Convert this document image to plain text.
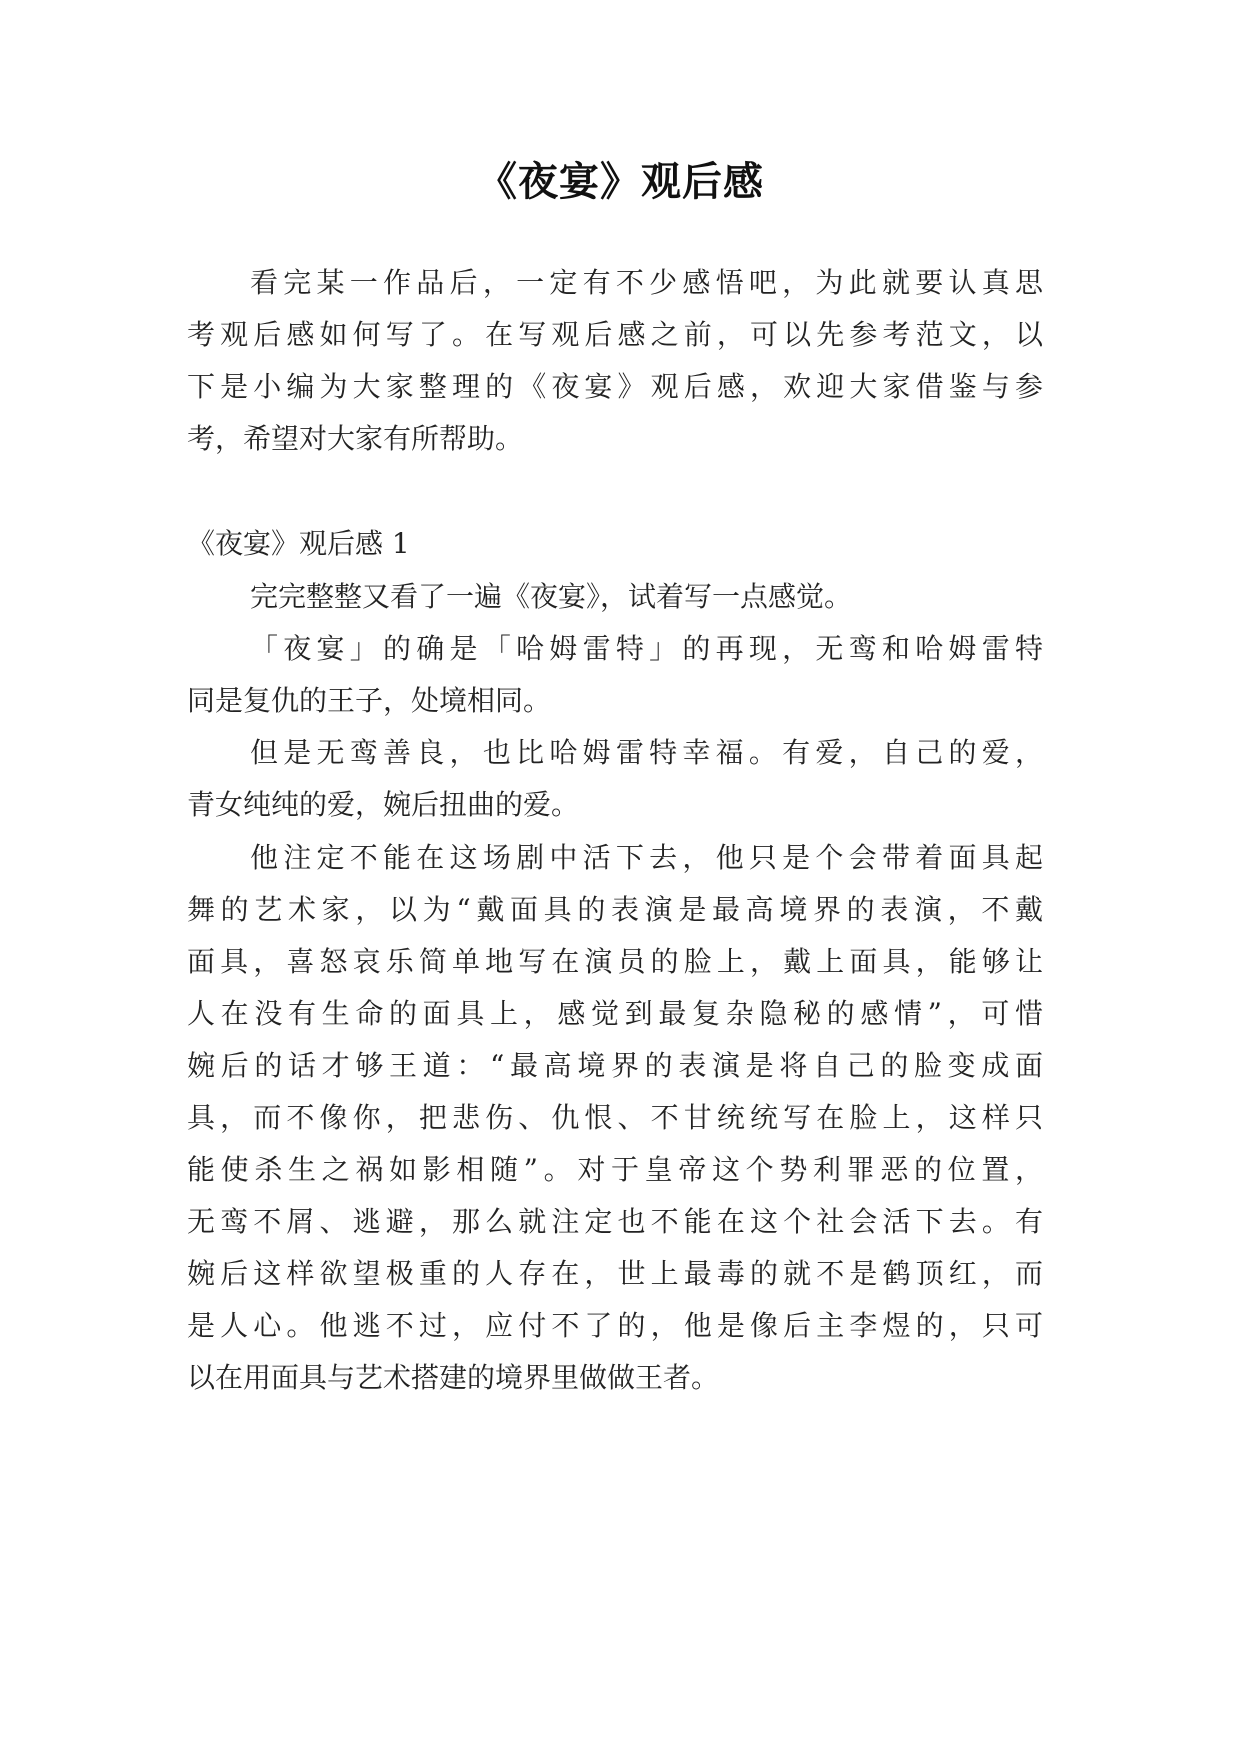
《夜宴》观后感
看完某一作品后，一定有不少感悟吧，为此就要认真思
考观后感如何写了。在写观后感之前，可以先参考范文，以
下是小编为大家整理的《夜宴》观后感，欢迎大家借鉴与参
考，希望对大家有所帮助。
《夜宴》观后感 1
完完整整又看了一遍《夜宴》，试着写一点感觉。
「夜宴」的确是「哈姆雷特」的再现，无鸾和哈姆雷特
同是复仇的王子，处境相同。
但是无鸾善良，也比哈姆雷特幸福。有爱，自己的爱，
青女纯纯的爱，婉后扭曲的爱。
他注定不能在这场剧中活下去，他只是个会带着面具起
舞的艺术家，以为“戴面具的表演是最高境界的表演，不戴
面具，喜怒哀乐简单地写在演员的脸上，戴上面具，能够让
人在没有生命的面具上，感觉到最复杂隐秘的感情”，可惜
婉后的话才够王道：“最高境界的表演是将自己的脸变成面
具，而不像你，把悲伤、仇恨、不甘统统写在脸上，这样只
能使杀生之祸如影相随”。对于皇帝这个势利罪恶的位置，
无鸾不屑、逃避，那么就注定也不能在这个社会活下去。有
婉后这样欲望极重的人存在，世上最毒的就不是鹤顶红，而
是人心。他逃不过，应付不了的，他是像后主李煜的，只可
以在用面具与艺术搭建的境界里做做王者。
